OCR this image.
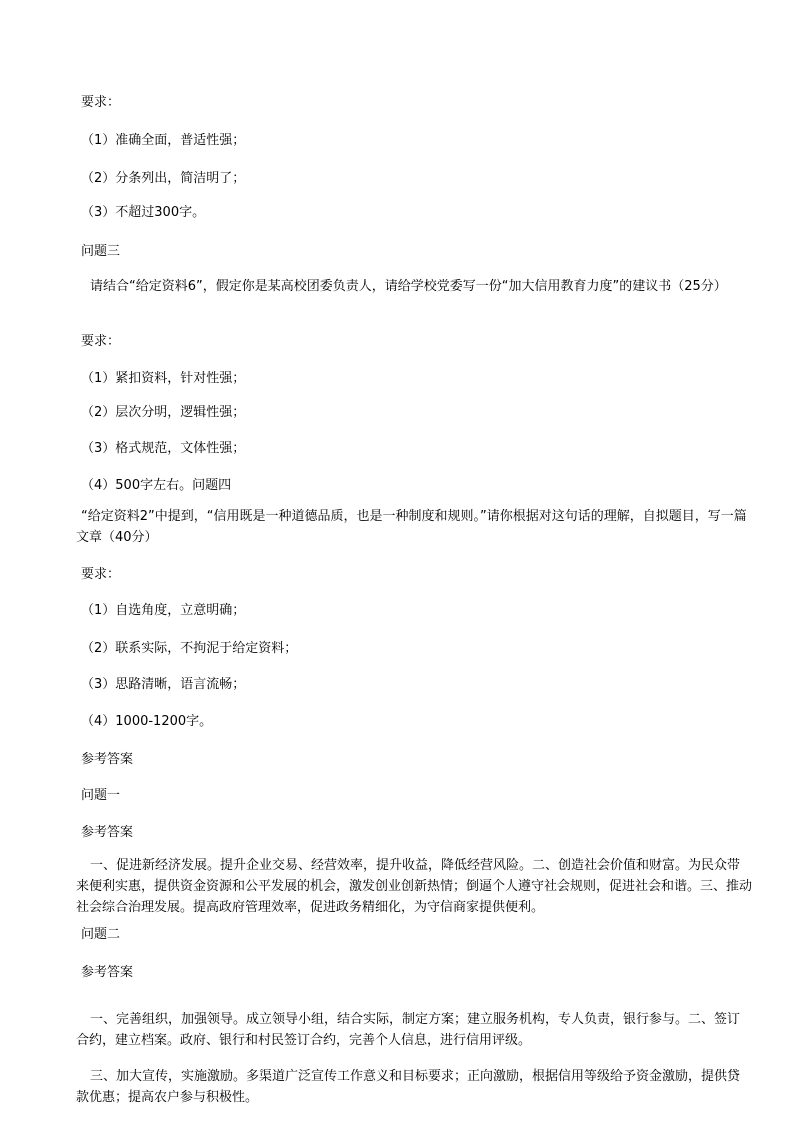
要求：

（1）准确全面，普适性强；

（2）分条列出，简洁明了；

（3）不超过300字。

问题三

请结合“给定资料6”，假定你是某高校团委负责人，请给学校党委写一份“加大信用教育力度”的建议书（25分）

要求：

（1）紧扣资料，针对性强；

（2）层次分明，逻辑性强；

（3）格式规范，文体性强；

（4）500字左右。问题四

“给定资料2”中提到，“信用既是一种道德品质，也是一种制度和规则。”请你根据对这句话的理解，自拟题目，写一篇文章（40分）

要求：

（1）自选角度，立意明确；

（2）联系实际，不拘泥于给定资料；

（3）思路清晰，语言流畅；

（4）1000-1200字。

参考答案

问题一

参考答案

一、促进新经济发展。提升企业交易、经营效率，提升收益，降低经营风险。二、创造社会价值和财富。为民众带来便利实惠，提供资金资源和公平发展的机会，激发创业创新热情；倒逼个人遵守社会规则，促进社会和谐。三、推动社会综合治理发展。提高政府管理效率，促进政务精细化，为守信商家提供便利。

问题二

参考答案

一、完善组织，加强领导。成立领导小组，结合实际，制定方案；建立服务机构，专人负责，银行参与。二、签订合约，建立档案。政府、银行和村民签订合约，完善个人信息，进行信用评级。

三、加大宣传，实施激励。多渠道广泛宣传工作意义和目标要求；正向激励，根据信用等级给予资金激励，提供贷款优惠；提高农户参与积极性。
